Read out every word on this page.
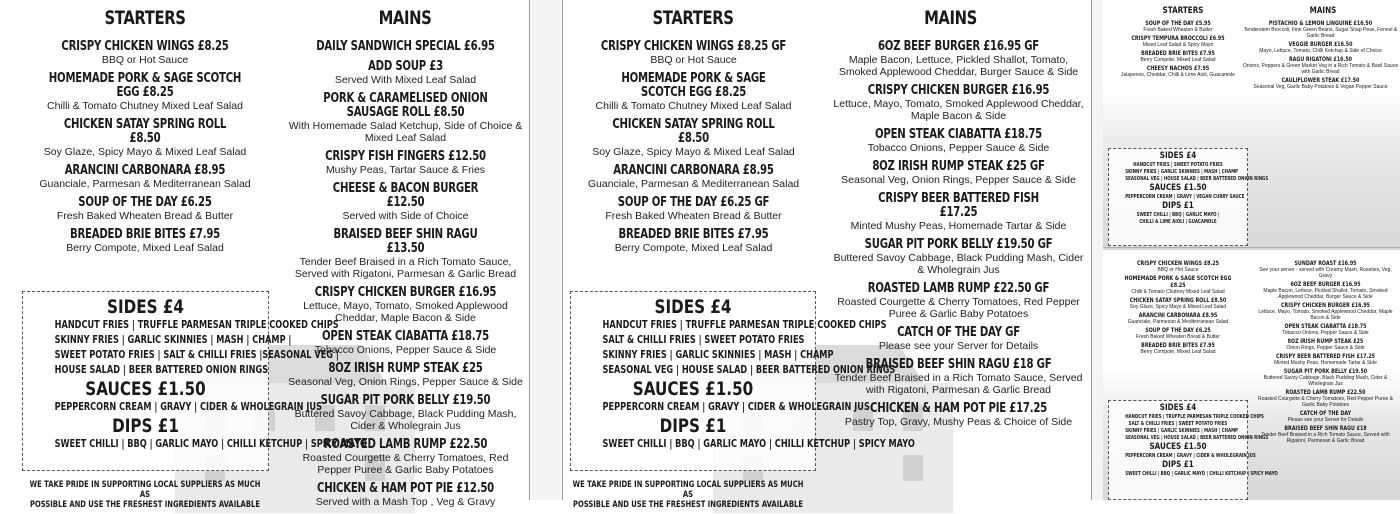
STARTERS	MAINS
CRISPY CHICKEN WINGS £8.25
BBQ or Hot Sauce
HOMEMADE PORK & SAGE SCOTCH EGG £8.25
Chilli & Tomato Chutney Mixed Leaf Salad
CHICKEN SATAY SPRING ROLL £8.50
Soy Glaze, Spicy Mayo & Mixed Leaf Salad
ARANCINI CARBONARA £8.95
Guanciale, Parmesan & Mediterranean Salad
SOUP OF THE DAY £6.25
Fresh Baked Wheaten Bread & Butter
BREADED BRIE BITES £7.95
Berry Compote, Mixed Leaf Salad
DAILY SANDWICH SPECIAL £6.95
ADD SOUP £3
Served With Mixed Leaf Salad
PORK & CARAMELISED ONION SAUSAGE ROLL £8.50
With Homemade Salad Ketchup, Side of Choice & Mixed Leaf Salad
CRISPY FISH FINGERS £12.50
Mushy Peas, Tartar Sauce & Fries
CHEESE & BACON BURGER £12.50
Served with Side of Choice
BRAISED BEEF SHIN RAGU £13.50
Tender Beef Braised in a Rich Tomato Sauce, Served with Rigatoni, Parmesan & Garlic Bread
CRISPY CHICKEN BURGER £16.95
Lettuce, Mayo, Tomato, Smoked Applewood Cheddar, Maple Bacon & Side
OPEN STEAK CIABATTA £18.75
Tobacco Onions, Pepper Sauce & Side
8OZ IRISH RUMP STEAK £25
Seasonal Veg, Onion Rings, Pepper Sauce & Side
SUGAR PIT PORK BELLY £19.50
Buttered Savoy Cabbage, Black Pudding Mash, Cider & Wholegrain Jus
ROASTED LAMB RUMP £22.50
Roasted Courgette & Cherry Tomatoes, Red Pepper Puree & Garlic Baby Potatoes
CHICKEN & HAM POT PIE £12.50
Served with a Mash Top , Veg & Gravy
SIDES £4
HANDCUT FRIES | TRUFFLE PARMESAN TRIPLE COOKED CHIPS
SKINNY FRIES | GARLIC SKINNIES | MASH | CHAMP |
SWEET POTATO FRIES | SALT & CHILLI FRIES |SEASONAL VEG |
HOUSE SALAD | BEER BATTERED ONION RINGS
SAUCES £1.50
PEPPERCORN CREAM | GRAVY | CIDER & WHOLEGRAIN JUS
DIPS £1
SWEET CHILLI | BBQ | GARLIC MAYO | CHILLI KETCHUP | SPICY MAYO
WE TAKE PRIDE IN SUPPORTING LOCAL SUPPLIERS AS MUCH AS
POSSIBLE AND USE THE FRESHEST INGREDIENTS AVAILABLE
STARTERS	MAINS
CRISPY CHICKEN WINGS £8.25 GF
BBQ or Hot Sauce
HOMEMADE PORK & SAGE SCOTCH EGG £8.25
Chilli & Tomato Chutney Mixed Leaf Salad
CHICKEN SATAY SPRING ROLL £8.50
Soy Glaze, Spicy Mayo & Mixed Leaf Salad
ARANCINI CARBONARA £8.95
Guanciale, Parmesan & Mediterranean Salad
SOUP OF THE DAY £6.25 GF
Fresh Baked Wheaten Bread & Butter
BREADED BRIE BITES £7.95
Berry Compote, Mixed Leaf Salad
6OZ BEEF BURGER £16.95 GF
Maple Bacon, Lettuce, Pickled Shallot, Tomato, Smoked Applewood Cheddar, Burger Sauce & Side
CRISPY CHICKEN BURGER £16.95
Lettuce, Mayo, Tomato, Smoked Applewood Cheddar, Maple Bacon & Side
OPEN STEAK CIABATTA £18.75
Tobacco Onions, Pepper Sauce & Side
8OZ IRISH RUMP STEAK £25 GF
Seasonal Veg, Onion Rings, Pepper Sauce & Side
CRISPY BEER BATTERED FISH £17.25
Minted Mushy Peas, Homemade Tartar & Side
SUGAR PIT PORK BELLY £19.50 GF
Buttered Savoy Cabbage, Black Pudding Mash, Cider & Wholegrain Jus
ROASTED LAMB RUMP £22.50 GF
Roasted Courgette & Cherry Tomatoes, Red Pepper Puree & Garlic Baby Potatoes
CATCH OF THE DAY GF
Please see your Server for Details
BRAISED BEEF SHIN RAGU £18 GF
Tender Beef Braised in a Rich Tomato Sauce, Served with Rigatoni, Parmesan & Garlic Bread
CHICKEN & HAM POT PIE £17.25
Pastry Top, Gravy, Mushy Peas & Choice of Side
SIDES £4
HANDCUT FRIES | TRUFFLE PARMESAN TRIPLE COOKED CHIPS
SALT & CHILLI FRIES | SWEET POTATO FRIES
SKINNY FRIES | GARLIC SKINNIES | MASH | CHAMP
SEASONAL VEG | HOUSE SALAD | BEER BATTERED ONION RINGS
SAUCES £1.50
PEPPERCORN CREAM | GRAVY | CIDER & WHOLEGRAIN JUS
DIPS £1
SWEET CHILLI | BBQ | GARLIC MAYO | CHILLI KETCHUP | SPICY MAYO
WE TAKE PRIDE IN SUPPORTING LOCAL SUPPLIERS AS MUCH AS
POSSIBLE AND USE THE FRESHEST INGREDIENTS AVAILABLE
STARTERS	MAINS
SOUP OF THE DAY £5.95
Fresh Baked Wheaten & Butter
CRISPY TEMPURA BROCCOLI £6.95
Mixed Leaf Salad & Spicy Mayo
BREADED BRIE BITES £7.95
Berry Compote, Mixed Leaf Salad
CHEESY NACHOS £7.95
Jalapenos, Cheddar, Chilli & Lime Aioli, Guacamole
PISTACHIO & LEMON LINGUINE £16.50
Tenderstem Broccoli, Fine Green Beans, Sugar Snap Peas, Fennel & Garlic Bread
VEGGIE BURGER £16.50
Mayo, Lettuce, Tomato, Chilli Ketchup & Side of Choice
RAGU RIGATONI £16.50
Onions, Peppers & Green Market Veg in a Rich Tomato & Basil Sauce with Garlic Bread
CAULIFLOWER STEAK £17.50
Seasonal Veg, Garlic Baby Potatoes & Vegan Pepper Sauce
SIDES £4
HANDCUT FRIES | SWEET POTATO FRIES
SKINNY FRIES | GARLIC SKINNIES | MASH | CHAMP
SEASONAL VEG | HOUSE SALAD | BEER BATTERED ONION RINGS
SAUCES £1.50
PEPPERCORN CREAM | GRAVY | VEGAN CURRY SAUCE
DIPS £1
SWEET CHILLI | BBQ | GARLIC MAYO |
CHILLI & LIME AIOLI | GUACAMOLE
CRISPY CHICKEN WINGS £8.25
BBQ or Hot Sauce
HOMEMADE PORK & SAGE SCOTCH EGG £8.25
Chilli & Tomato Chutney Mixed Leaf Salad
CHICKEN SATAY SPRING ROLL £8.50
Soy Glaze, Spicy Mayo & Mixed Leaf Salad
ARANCINI CARBONARA £8.95
Guanciale, Parmesan & Mediterranean Salad
SOUP OF THE DAY £6.25
Fresh Baked Wheaten Bread & Butter
BREADED BRIE BITES £7.95
Berry Compote, Mixed Leaf Salad
SUNDAY ROAST £16.95
See your server - served with Creamy Mash, Roasties, Veg, Gravy
6OZ BEEF BURGER £16.95
Maple Bacon, Lettuce, Pickled Shallot, Tomato, Smoked Applewood Cheddar, Burger Sauce & Side
CRISPY CHICKEN BURGER £16.95
Lettuce, Mayo, Tomato, Smoked Applewood Cheddar, Maple Bacon & Side
OPEN STEAK CIABATTA £18.75
Tobacco Onions, Pepper Sauce & Side
8OZ IRISH RUMP STEAK £25
Onion Rings, Pepper Sauce & Side
CRISPY BEER BATTERED FISH £17.25
Minted Mushy Peas, Homemade Tartar & Side
SUGAR PIT PORK BELLY £19.50
Buttered Savoy Cabbage, Black Pudding Mash, Cider & Wholegrain Jus
ROASTED LAMB RUMP £22.50
Roasted Courgette & Cherry Tomatoes, Red Pepper Puree & Garlic Baby Potatoes
CATCH OF THE DAY
Please see your Server for Details
BRAISED BEEF SHIN RAGU £18
Tender Beef Braised in a Rich Tomato Sauce, Served with Rigatoni, Parmesan & Garlic Bread
SIDES £4
HANDCUT FRIES | TRUFFLE PARMESAN TRIPLE COOKED CHIPS
SALT & CHILLI FRIES | SWEET POTATO FRIES
SKINNY FRIES | GARLIC SKINNIES | MASH | CHAMP
SEASONAL VEG | HOUSE SALAD | BEER BATTERED ONION RINGS
SAUCES £1.50
PEPPERCORN CREAM | GRAVY | CIDER & WHOLEGRAIN JUS
DIPS £1
SWEET CHILLI | BBQ | GARLIC MAYO | CHILLI KETCHUP | SPICY MAYO
